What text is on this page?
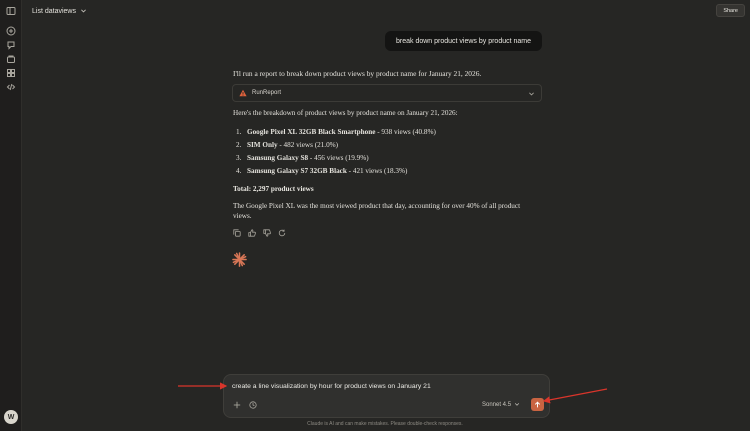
W
List dataviews	Share
break down product views by product name
I'll run a report to break down product views by product name for January 21, 2026.
RunReport
Here's the breakdown of product views by product name on January 21, 2026:
1. Google Pixel XL 32GB Black Smartphone - 938 views (40.8%)
2. SIM Only - 482 views (21.0%)
3. Samsung Galaxy S8 - 456 views (19.9%)
4. Samsung Galaxy S7 32GB Black - 421 views (18.3%)
Total: 2,297 product views
The Google Pixel XL was the most viewed product that day, accounting for over 40% of all product views.
create a line visualization by hour for product views on January 21
Sonnet 4.5
Claude is AI and can make mistakes. Please double-check responses.
